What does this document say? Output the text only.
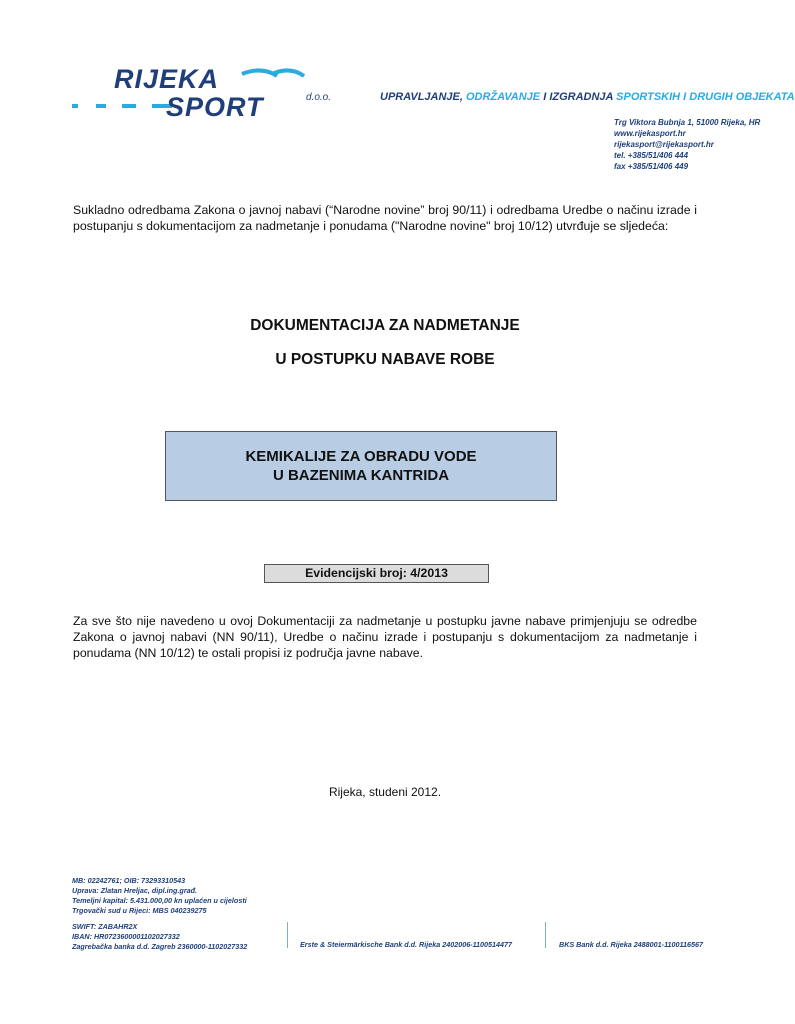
RIJEKA
SPORT	d.o.o.	UPRAVLJANJE, ODRŽAVANJE I IZGRADNJA SPORTSKIH I DRUGIH OBJEKATA
Trg Viktora Bubnja 1, 51000 Rijeka, HR
www.rijekasport.hr
rijekasport@rijekasport.hr
tel. +385/51/406 444
fax +385/51/406 449
Sukladno odredbama Zakona o javnoj nabavi (“Narodne novine” broj 90/11) i odredbama Uredbe o načinu izrade i postupanju s dokumentacijom za nadmetanje i ponudama ("Narodne novine" broj 10/12) utvrđuje se sljedeća:
DOKUMENTACIJA ZA NADMETANJE
U POSTUPKU NABAVE ROBE
KEMIKALIJE ZA OBRADU VODE
U BAZENIMA KANTRIDA
Evidencijski broj: 4/2013
Za sve što nije navedeno u ovoj Dokumentaciji za nadmetanje u postupku javne nabave primjenjuju se odredbe Zakona o javnoj nabavi (NN 90/11), Uredbe o načinu izrade i postupanju s dokumentacijom za nadmetanje i ponudama (NN 10/12) te ostali propisi iz područja javne nabave.
Rijeka, studeni 2012.
MB: 02242761; OIB: 73293310543
Uprava: Zlatan Hreljac, dipl.ing.građ.
Temeljni kapital: 5.431.000,00 kn uplaćen u cijelosti
Trgovački sud u Rijeci: MBS 040239275
SWIFT: ZABAHR2X
IBAN: HR0723600001102027332
Zagrebačka banka d.d. Zagreb 2360000-1102027332	Erste & Steiermärkische Bank d.d. Rijeka 2402006-1100514477	BKS Bank d.d. Rijeka 2488001-1100116567
